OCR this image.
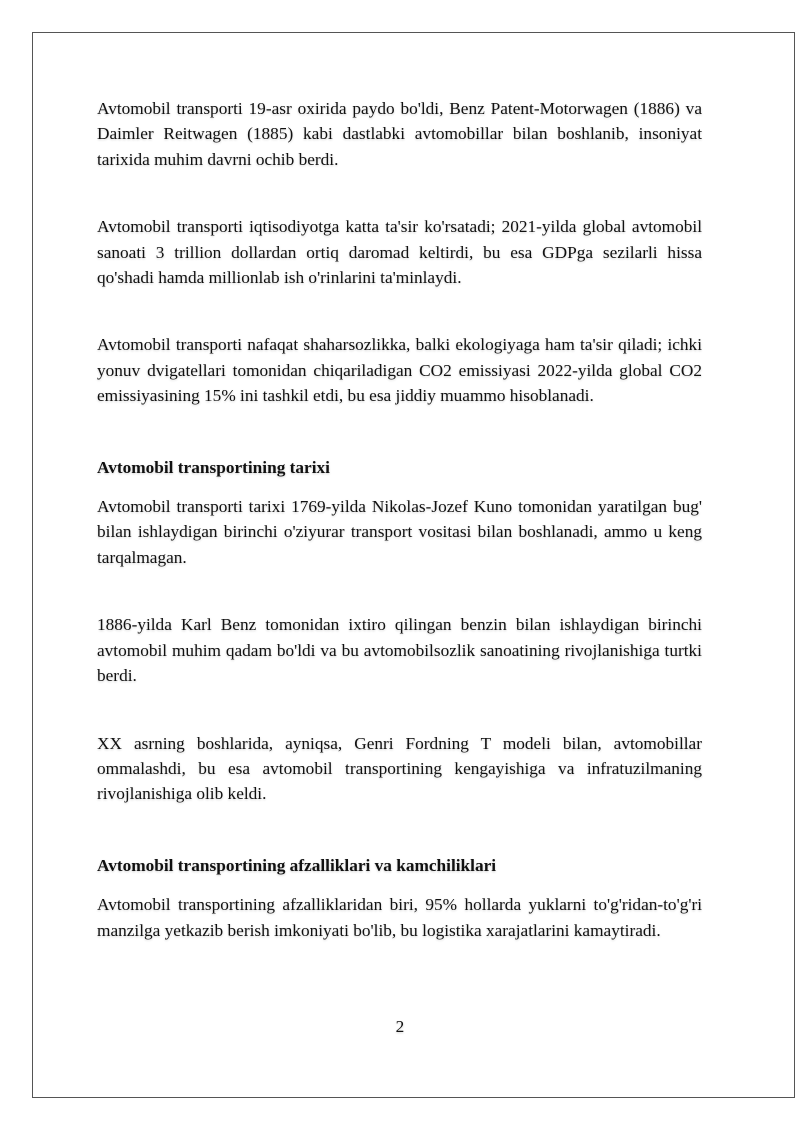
Avtomobil transporti 19-asr oxirida paydo bo'ldi, Benz Patent-Motorwagen (1886) va Daimler Reitwagen (1885) kabi dastlabki avtomobillar bilan boshlanib, insoniyat tarixida muhim davrni ochib berdi.

Avtomobil transporti iqtisodiyotga katta ta'sir ko'rsatadi; 2021-yilda global avtomobil sanoati 3 trillion dollardan ortiq daromad keltirdi, bu esa GDPga sezilarli hissa qo'shadi hamda millionlab ish o'rinlarini ta'minlaydi.

Avtomobil transporti nafaqat shaharsozlikka, balki ekologiyaga ham ta'sir qiladi; ichki yonuv dvigatellari tomonidan chiqariladigan CO2 emissiyasi 2022-yilda global CO2 emissiyasining 15% ini tashkil etdi, bu esa jiddiy muammo hisoblanadi.

Avtomobil transportining tarixi

Avtomobil transporti tarixi 1769-yilda Nikolas-Jozef Kuno tomonidan yaratilgan bug' bilan ishlaydigan birinchi o'ziyurar transport vositasi bilan boshlanadi, ammo u keng tarqalmagan.

1886-yilda Karl Benz tomonidan ixtiro qilingan benzin bilan ishlaydigan birinchi avtomobil muhim qadam bo'ldi va bu avtomobilsozlik sanoatining rivojlanishiga turtki berdi.

XX asrning boshlarida, ayniqsa, Genri Fordning T modeli bilan, avtomobillar ommalashdi, bu esa avtomobil transportining kengayishiga va infratuzilmaning rivojlanishiga olib keldi.

Avtomobil transportining afzalliklari va kamchiliklari

Avtomobil transportining afzalliklaridan biri, 95% hollarda yuklarni to'g'ridan-to'g'ri manzilga yetkazib berish imkoniyati bo'lib, bu logistika xarajatlarini kamaytiradi.

2
